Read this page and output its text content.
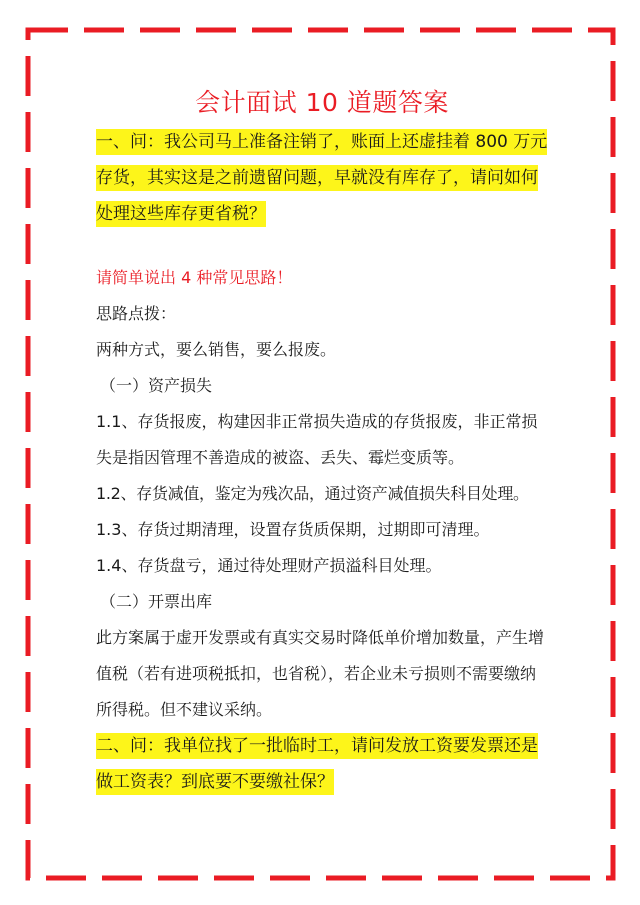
会计面试 10 道题答案
一、问：我公司马上准备注销了，账面上还虚挂着 800 万元存货，其实这是之前遗留问题，早就没有库存了，请问如何处理这些库存更省税？

请简单说出 4 种常见思路！

思路点拨：

两种方式，要么销售，要么报废。

（一）资产损失

1.1、存货报废，构建因非正常损失造成的存货报废，非正常损失是指因管理不善造成的被盗、丢失、霉烂变质等。

1.2、存货减值，鉴定为残次品，通过资产减值损失科目处理。

1.3、存货过期清理，设置存货质保期，过期即可清理。

1.4、存货盘亏，通过待处理财产损溢科目处理。

（二）开票出库

此方案属于虚开发票或有真实交易时降低单价增加数量，产生增值税（若有进项税抵扣，也省税），若企业未亏损则不需要缴纳所得税。但不建议采纳。

二、问：我单位找了一批临时工，请问发放工资要发票还是做工资表？到底要不要缴社保？
